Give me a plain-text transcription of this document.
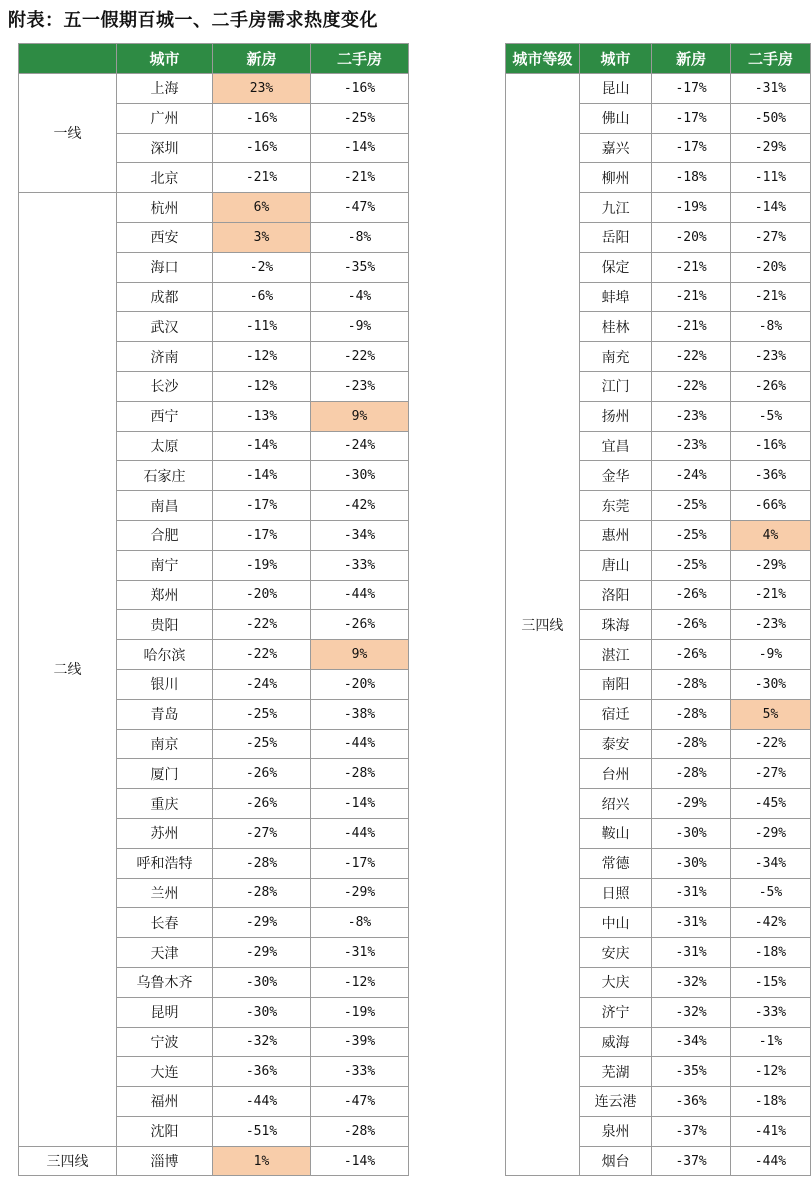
附表：五一假期百城一、二手房需求热度变化
	城市	新房	二手房
一线	上海	23%	-16%
	广州	-16%	-25%
	深圳	-16%	-14%
	北京	-21%	-21%
二线	杭州	6%	-47%
	西安	3%	-8%
	海口	-2%	-35%
	成都	-6%	-4%
	武汉	-11%	-9%
	济南	-12%	-22%
	长沙	-12%	-23%
	西宁	-13%	9%
	太原	-14%	-24%
	石家庄	-14%	-30%
	南昌	-17%	-42%
	合肥	-17%	-34%
	南宁	-19%	-33%
	郑州	-20%	-44%
	贵阳	-22%	-26%
	哈尔滨	-22%	9%
	银川	-24%	-20%
	青岛	-25%	-38%
	南京	-25%	-44%
	厦门	-26%	-28%
	重庆	-26%	-14%
	苏州	-27%	-44%
	呼和浩特	-28%	-17%
	兰州	-28%	-29%
	长春	-29%	-8%
	天津	-29%	-31%
	乌鲁木齐	-30%	-12%
	昆明	-30%	-19%
	宁波	-32%	-39%
	大连	-36%	-33%
	福州	-44%	-47%
	沈阳	-51%	-28%
三四线	淄博	1%	-14%
城市等级	城市	新房	二手房
三四线	昆山	-17%	-31%
	佛山	-17%	-50%
	嘉兴	-17%	-29%
	柳州	-18%	-11%
	九江	-19%	-14%
	岳阳	-20%	-27%
	保定	-21%	-20%
	蚌埠	-21%	-21%
	桂林	-21%	-8%
	南充	-22%	-23%
	江门	-22%	-26%
	扬州	-23%	-5%
	宜昌	-23%	-16%
	金华	-24%	-36%
	东莞	-25%	-66%
	惠州	-25%	4%
	唐山	-25%	-29%
	洛阳	-26%	-21%
	珠海	-26%	-23%
	湛江	-26%	-9%
	南阳	-28%	-30%
	宿迁	-28%	5%
	泰安	-28%	-22%
	台州	-28%	-27%
	绍兴	-29%	-45%
	鞍山	-30%	-29%
	常德	-30%	-34%
	日照	-31%	-5%
	中山	-31%	-42%
	安庆	-31%	-18%
	大庆	-32%	-15%
	济宁	-32%	-33%
	威海	-34%	-1%
	芜湖	-35%	-12%
	连云港	-36%	-18%
	泉州	-37%	-41%
	烟台	-37%	-44%
